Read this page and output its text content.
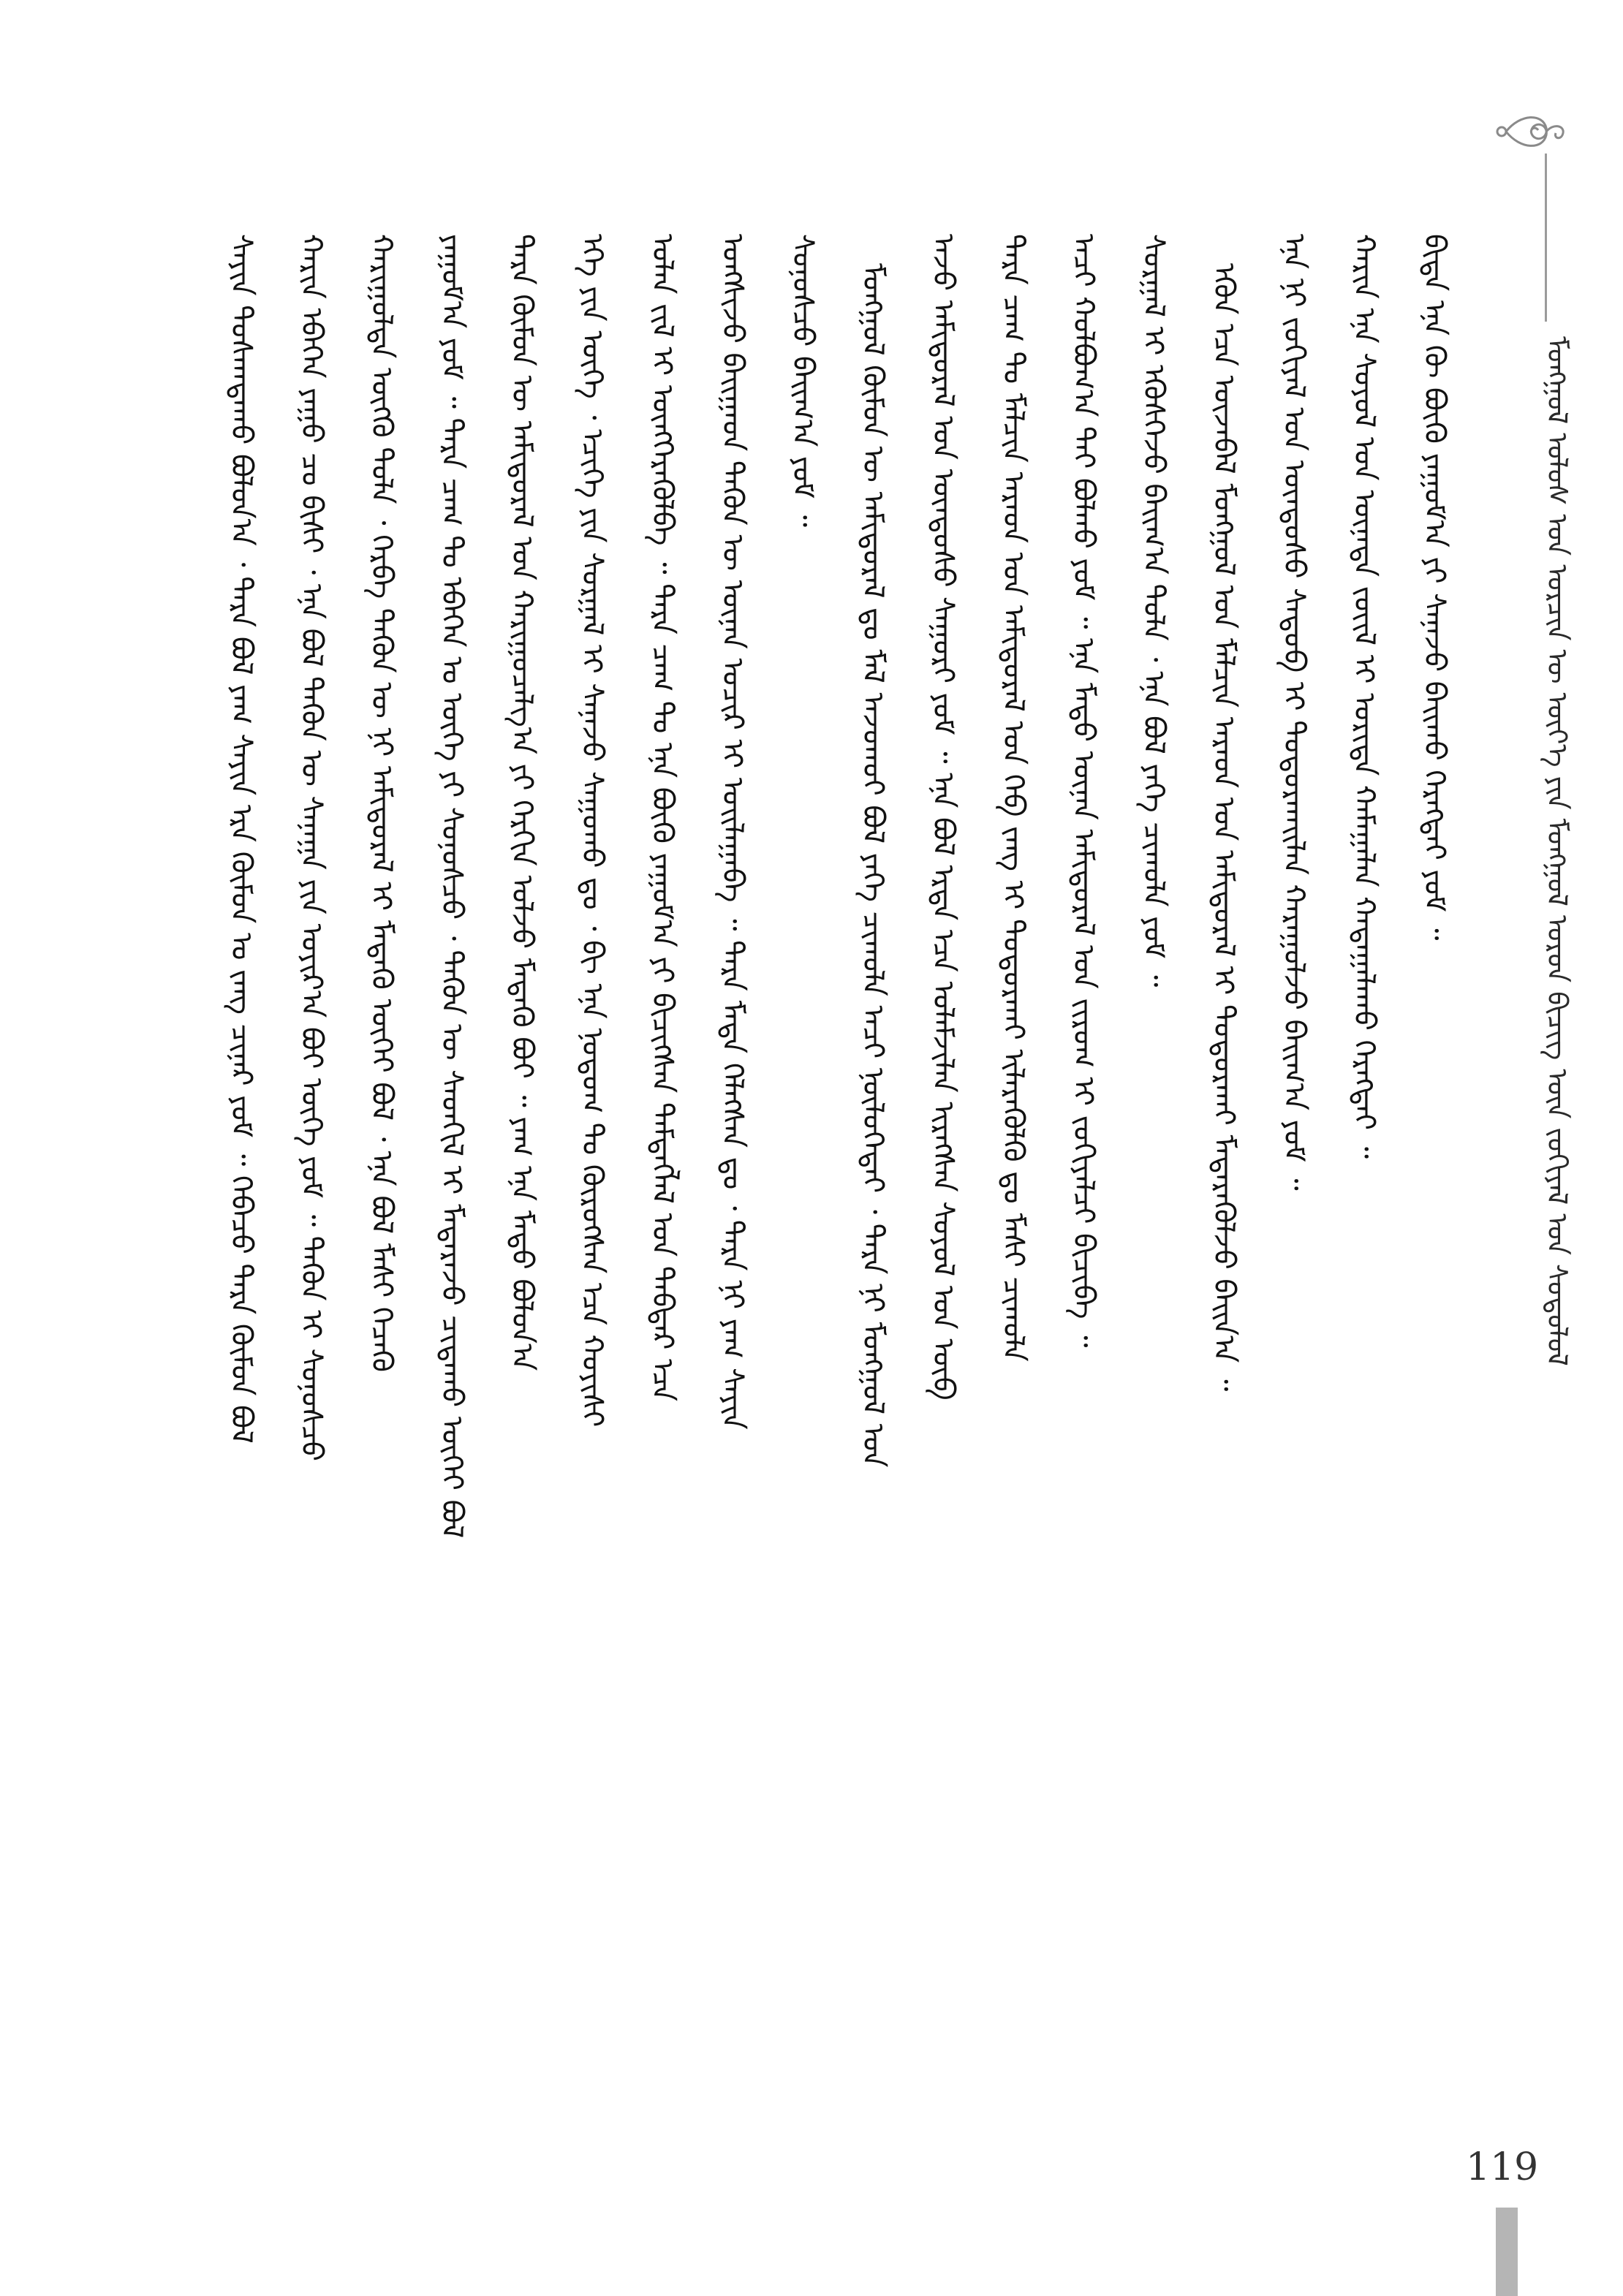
ᠮᠣᠩᠭᠣᠯ ᠤᠯᠤᠰ ᠤᠨ ᠣᠷᠴᠢᠨ ᠦ ᠦᠶ᠎ᠡ ᠶᠢᠨ ᠮᠣᠩᠭᠣᠯ ᠤᠷᠤᠨ ᠪᠢᠴᠢᠭ ᠦᠨ ᠵᠣᠬᠢᠶᠠᠯ ᠤᠨ ᠰᠤᠳᠤᠯᠤᠯ
ᠰᠠᠶᠢᠨ ᠲᠤᠰᠠᠭᠳᠠᠬᠤ ᠪᠣᠯᠤᠨ᠎ᠠ ᠂ ᠲᠡᠷᠡ ᠪᠣᠯ ᠶᠠᠭ ᠰᠠᠶᠢᠨ ᠡᠷᠡ ᠬᠦᠮᠦᠨ ᠤ ᠵᠠᠩ ᠴᠢᠨᠠᠷ ᠶᠤᠮ ᠃ ᠭᠡᠪᠡᠴᠦ ᠲᠡᠷᠡ ᠬᠦᠮᠦᠨ ᠪᠣᠯ ᠬᠠᠷᠢᠨ ᠡᠪᠡᠭᠡᠨ ᠶᠠᠭᠤ ᠴᠤ ᠪᠢᠰᠢ ᠂ ᠡᠨᠡ ᠪᠣᠯ ᠲᠡᠭᠦᠨ ᠦ ᠰᠠᠨᠠᠭᠠ ᠶᠢᠨ ᠣᠶᠢᠷ᠎ᠠ ᠪᠤᠢ ᠦᠭᠡ ᠶᠤᠮ ᠃ ᠲᠡᠭᠦᠨ ᠢ ᠰᠣᠨᠣᠰᠴᠤ ᠬᠠᠷᠢᠭᠤᠯᠲᠠ ᠥᠭᠬᠦ ᠲᠤᠯᠠ ᠂ ᠬᠡᠷᠪᠡ ᠲᠡᠭᠦᠨ ᠦ ᠨᠢ ᠠᠮᠢᠳᠤᠷᠠᠯ ᠢ ᠮᠡᠳᠡᠬᠦ ᠦᠭᠡᠢ ᠪᠣᠯ ᠂ ᠡᠨᠡ ᠪᠣᠯ ᠮᠠᠰᠢ ᠬᠡᠴᠡᠭᠦ ᠶᠠᠭᠤᠮ᠎ᠠ ᠶᠤᠮ ᠃ ᠲᠡᠷᠡ ᠴᠠᠭ ᠲᠤ ᠡᠪᠡᠭᠡᠨ ᠤ ᠦᠭᠡ ᠶᠢ ᠰᠣᠨᠣᠰᠴᠤ ᠂ ᠲᠡᠭᠦᠨ ᠦ ᠰᠡᠳᠬᠢᠯ ᠢ ᠮᠡᠳᠡᠷᠡᠵᠦ ᠴᠢᠳᠠᠬᠤ ᠦᠭᠡᠢ ᠪᠣᠯ ᠲᠡᠷᠡ ᠬᠦᠮᠦᠨ ᠦ ᠠᠮᠢᠳᠤᠷᠠᠯ ᠤᠨ ᠬᠠᠷᠢᠭᠤᠴᠠᠯᠭ᠎ᠠ ᠶᠢ ᠬᠡᠷᠬᠢᠨ ᠣᠯᠵᠤ ᠮᠡᠳᠡᠬᠦ ᠪᠣᠢ ᠃ ᠶᠠᠭ ᠡᠨᠡ ᠮᠡᠲᠦ ᠪᠣᠯᠤᠨ᠎ᠠ ᠡᠬᠡ ᠶᠢᠨ ᠦᠭᠡ ᠂ ᠡᠴᠢᠭᠡ ᠶᠢᠨ ᠰᠤᠷᠭᠠᠯ ᠢ ᠰᠠᠨᠠᠵᠤ ᠰᠠᠭᠤᠬᠤ ᠳᠤ ᠂ ᠪᠢ ᠡᠨᠡ ᠨᠤᠲᠤᠭ ᠲᠤ ᠬᠦᠷᠦᠭᠰᠡᠨ ᠡᠴᠡ ᠬᠣᠶᠢᠰᠢ ᠣᠯᠠᠨ ᠵᠢᠯ ᠢ ᠥᠩᠭᠡᠷᠡᠭᠦᠯᠪᠡ ᠃ ᠲᠡᠷᠡ ᠴᠠᠭ ᠲᠤ ᠡᠨᠡ ᠪᠦᠬᠦ ᠶᠠᠭᠤᠮ᠎ᠠ ᠶᠢ ᠪᠢᠴᠢᠭᠰᠡᠨ ᠲᠡᠮᠳᠡᠭᠯᠡᠯ ᠤᠨ ᠳᠡᠪᠲᠡᠷ ᠡᠴᠡ ᠤᠩᠰᠢᠵᠤ ᠪᠠᠢᠭᠠᠳ ᠲᠡᠭᠦᠨ ᠦ ᠦᠨᠡᠨ ᠤᠴᠢᠷ ᠢ ᠣᠢᠯᠠᠭᠠᠪᠠ ᠃ ᠲᠡᠷᠡ ᠮᠡᠳᠡ ᠬᠡᠯᠡᠭᠰᠡᠨ ᠳᠤ ᠂ ᠲᠡᠷᠡ ᠨᠢ ᠶᠠᠭ ᠰᠠᠶᠢᠨ ᠰᠣᠨᠣᠰᠴᠤ ᠪᠠᠢᠭ᠎ᠠ ᠶᠤᠮ ᠃ ᠮᠣᠩᠭᠣᠯ ᠬᠦᠮᠦᠨ ᠦ ᠠᠮᠢᠳᠤᠷᠠᠯ ᠳᠤ ᠮᠠᠯ ᠠᠵᠣᠬᠣᠢ ᠪᠣᠯ ᠶᠡᠬᠡ ᠴᠢᠬᠤᠯᠠ ᠠᠴᠢ ᠨᠥᠯᠦᠭᠡᠲᠡᠢ ᠂ ᠲᠡᠷᠡ ᠨᠢ ᠮᠣᠩᠭᠣᠯ ᠤᠨ ᠠᠵᠤ ᠠᠮᠢᠳᠤᠷᠠᠯ ᠤᠨ ᠦᠨᠳᠦᠰᠦ ᠰᠠᠭᠤᠷᠢ ᠶᠤᠮ ᠃ ᠡᠨᠡ ᠪᠣᠯ ᠡᠷᠲᠡ ᠡᠴᠡ ᠤᠯᠠᠮᠵᠢᠯᠠᠨ ᠢᠷᠡᠭᠰᠡᠨ ᠰᠣᠶᠣᠯ ᠤᠨ ᠥᠪ ᠲᠡᠷᠡ ᠴᠠᠭ ᠲᠤ ᠮᠠᠯᠴᠢᠨ ᠠᠷᠠᠳ ᠤᠨ ᠠᠮᠢᠳᠤᠷᠠᠯ ᠤᠨ ᠬᠡᠪ ᠵᠠᠩ ᠢ ᠲᠣᠳᠤᠷᠬᠠᠢ ᠢᠯᠡᠷᠡᠭᠦᠯᠬᠦ ᠳᠤ ᠮᠠᠰᠢ ᠴᠢᠬᠤᠯᠠ ᠠᠴᠢ ᠬᠣᠯᠪᠣᠭ᠎ᠠ ᠲᠠᠢ ᠪᠣᠯᠬᠤ ᠶᠤᠮ ᠃ ᠡᠨᠡ ᠮᠡᠲᠦ ᠦᠨᠡᠨ ᠠᠮᠢᠳᠤᠷᠠᠯ ᠤᠨ ᠵᠢᠷᠤᠭ ᠢ ᠵᠣᠬᠢᠶᠠᠯᠴᠢ ᠪᠢᠴᠢᠪᠡ ᠃ ᠰᠤᠷᠭᠠᠯ ᠢ ᠡᠭᠦᠰᠭᠡᠵᠦ ᠪᠠᠢᠭ᠎ᠠ ᠲᠤᠯᠠ ᠂ ᠡᠨᠡ ᠪᠣᠯ ᠶᠡᠬᠡ ᠴᠢᠬᠤᠯᠠ ᠶᠤᠮ ᠃ ᠡᠭᠦᠨ ᠡᠴᠡ ᠦᠵᠡᠪᠡᠯ ᠮᠣᠩᠭᠣᠯ ᠤᠨ ᠮᠠᠯᠴᠢᠨ ᠠᠷᠠᠳ ᠤᠨ ᠠᠮᠢᠳᠤᠷᠠᠯ ᠢ ᠲᠣᠳᠤᠷᠬᠠᠢ ᠮᠡᠳᠡᠷᠡᠭᠦᠯᠵᠦ ᠪᠠᠢᠨ᠎ᠠ ᠃ ᠡᠨᠡ ᠨᠢ ᠵᠣᠬᠢᠶᠠᠯ ᠤᠨ ᠦᠨᠳᠦᠰᠦ ᠰᠡᠳᠦᠪ ᠢ ᠲᠣᠳᠤᠷᠬᠠᠢᠯᠠᠨ ᠬᠠᠷᠠᠭᠤᠯᠵᠤ ᠪᠠᠢᠭ᠎ᠠ ᠶᠤᠮ ᠃ ᠬᠠᠷᠢᠨ ᠡᠨᠡ ᠰᠣᠶᠣᠯ ᠤᠨ ᠦᠨᠡᠲᠡ ᠵᠦᠢᠯ ᠢ ᠤᠷᠢᠳᠠ ᠬᠠᠮᠠᠭᠠᠯᠠᠨ ᠬᠠᠳᠠᠭᠠᠯᠠᠬᠤ ᠬᠡᠷᠡᠭᠲᠡᠢ ᠃ ᠪᠢᠳᠡ ᠡᠨᠡ ᠬᠦ ᠪᠦᠬᠦ ᠶᠠᠭᠤᠮ᠎ᠠ ᠶᠢ ᠰᠠᠨᠠᠵᠤ ᠪᠠᠢᠬᠤ ᠬᠡᠷᠡᠭᠲᠡᠢ ᠶᠤᠮ ᠃
119
